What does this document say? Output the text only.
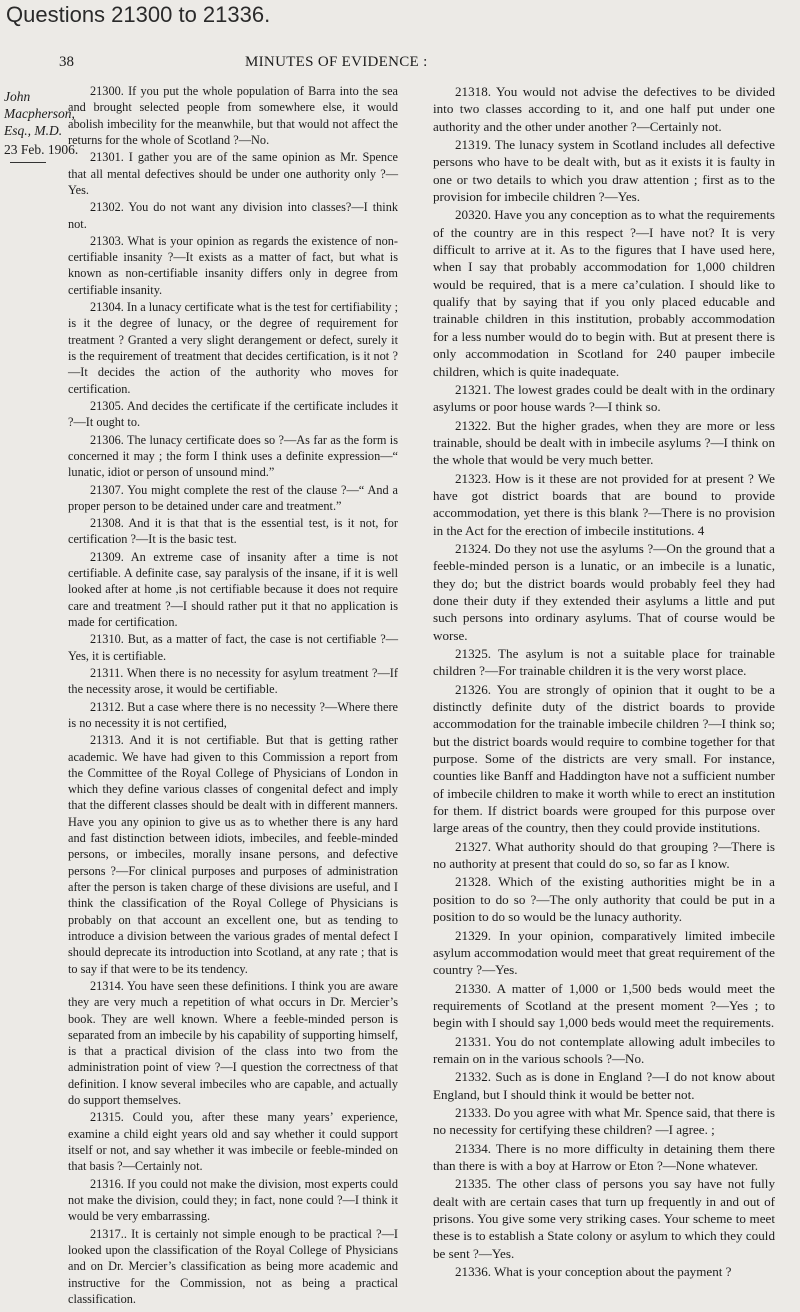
Questions 21300 to 21336.
38	MINUTES OF EVIDENCE :
John
Macpherson,
Esq., M.D.
23 Feb. 1906.

21300. If you put the whole population of Barra into the sea and brought selected people from somewhere else, it would abolish imbecility for the meanwhile, but that would not affect the returns for the whole of Scotland ?—No.

21301. I gather you are of the same opinion as Mr. Spence that all mental defectives should be under one authority only ?—Yes.

21302. You do not want any division into classes?—I think not.

21303. What is your opinion as regards the existence of non-certifiable insanity ?—It exists as a matter of fact, but what is known as non-certifiable insanity differs only in degree from certifiable insanity.

21304. In a lunacy certificate what is the test for certifiability ; is it the degree of lunacy, or the degree of requirement for treatment ? Granted a very slight derangement or defect, surely it is the requirement of treatment that decides certification, is it not ?—It decides the action of the authority who moves for certification.

21305. And decides the certificate if the certificate includes it ?—It ought to.

21306. The lunacy certificate does so ?—As far as the form is concerned it may ; the form I think uses a definite expression—“ lunatic, idiot or person of unsound mind.”

21307. You might complete the rest of the clause ?—“ And a proper person to be detained under care and treatment.”

21308. And it is that that is the essential test, is it not, for certification ?—It is the basic test.

21309. An extreme case of insanity after a time is not certifiable. A definite case, say paralysis of the insane, if it is well looked after at home ,is not certifiable because it does not require care and treatment ?—I should rather put it that no application is made for certification.

21310. But, as a matter of fact, the case is not certifiable ?—Yes, it is certifiable.

21311. When there is no necessity for asylum treatment ?—If the necessity arose, it would be certifiable.

21312. But a case where there is no necessity ?—Where there is no necessity it is not certified,

21313. And it is not certifiable. But that is getting rather academic. We have had given to this Commission a report from the Committee of the Royal College of Physicians of London in which they define various classes of congenital defect and imply that the different classes should be dealt with in different manners. Have you any opinion to give us as to whether there is any hard and fast distinction between idiots, imbeciles, and feeble-minded persons, or imbeciles, morally insane persons, and defective persons ?—For clinical purposes and purposes of administration after the person is taken charge of these divisions are useful, and I think the classification of the Royal College of Physicians is probably on that account an excellent one, but as tending to introduce a division between the various grades of mental defect I should deprecate its introduction into Scotland, at any rate ; that is to say if that were to be its tendency.

21314. You have seen these definitions. I think you are aware they are very much a repetition of what occurs in Dr. Mercier’s book. They are well known. Where a feeble-minded person is separated from an imbecile by his capability of supporting himself, is that a practical division of the class into two from the administration point of view ?—I question the correctness of that definition. I know several imbeciles who are capable, and actually do support themselves.

21315. Could you, after these many years’ experience, examine a child eight years old and say whether it could support itself or not, and say whether it was imbecile or feeble-minded on that basis ?—Certainly not.

21316. If you could not make the division, most experts could not make the division, could they; in fact, none could ?—I think it would be very embarrassing.

21317.. It is certainly not simple enough to be practical ?—I looked upon the classification of the Royal College of Physicians and on Dr. Mercier’s classification as being more academic and instructive for the Commission, not as being a practical classification.

21318. You would not advise the defectives to be divided into two classes according to it, and one half put under one authority and the other under another ?—Certainly not.

21319. The lunacy system in Scotland includes all defective persons who have to be dealt with, but as it exists it is faulty in one or two details to which you draw attention ; first as to the provision for imbecile children ?—Yes.

20320. Have you any conception as to what the requirements of the country are in this respect ?—I have not? It is very difficult to arrive at it. As to the figures that I have used here, when I say that probably accommodation for 1,000 children would be required, that is a mere ca’culation. I should like to qualify that by saying that if you only placed educable and trainable children in this institution, probably accommodation for a less number would do to begin with. But at present there is only accommodation in Scotland for 240 pauper imbecile children, which is quite inadequate.

21321. The lowest grades could be dealt with in the ordinary asylums or poor house wards ?—I think so.

21322. But the higher grades, when they are more or less trainable, should be dealt with in imbecile asylums ?—I think on the whole that would be very much better.

21323. How is it these are not provided for at present ? We have got district boards that are bound to provide accommodation, yet there is this blank ?—There is no provision in the Act for the erection of imbecile institutions. 4

21324. Do they not use the asylums ?—On the ground that a feeble-minded person is a lunatic, or an imbecile is a lunatic, they do; but the district boards would probably feel they had done their duty if they extended their asylums a little and put such persons into ordinary asylums. That of course would be worse.

21325. The asylum is not a suitable place for trainable children ?—For trainable children it is the very worst place.

21326. You are strongly of opinion that it ought to be a distinctly definite duty of the district boards to provide accommodation for the trainable imbecile children ?—I think so; but the district boards would require to combine together for that purpose. Some of the districts are very small. For instance, counties like Banff and Haddington have not a sufficient number of imbecile children to make it worth while to erect an institution for them. If district boards were grouped for this purpose over large areas of the country, then they could provide institutions.

21327. What authority should do that grouping ?—There is no authority at present that could do so, so far as I know.

21328. Which of the existing authorities might be in a position to do so ?—The only authority that could be put in a position to do so would be the lunacy authority.

21329. In your opinion, comparatively limited imbecile asylum accommodation would meet that great requirement of the country ?—Yes.

21330. A matter of 1,000 or 1,500 beds would meet the requirements of Scotland at the present moment ?—Yes ; to begin with I should say 1,000 beds would meet the requirements.

21331. You do not contemplate allowing adult imbeciles to remain on in the various schools ?—No.

21332. Such as is done in England ?—I do not know about England, but I should think it would be better not.

21333. Do you agree with what Mr. Spence said, that there is no necessity for certifying these children? —I agree. ;

21334. There is no more difficulty in detaining them there than there is with a boy at Harrow or Eton ?—None whatever.

21335. The other class of persons you say have not fully dealt with are certain cases that turn up frequently in and out of prisons. You give some very striking cases. Your scheme to meet these is to establish a State colony or asylum to which they could be sent ?—Yes.

21336. What is your conception about the payment ?
